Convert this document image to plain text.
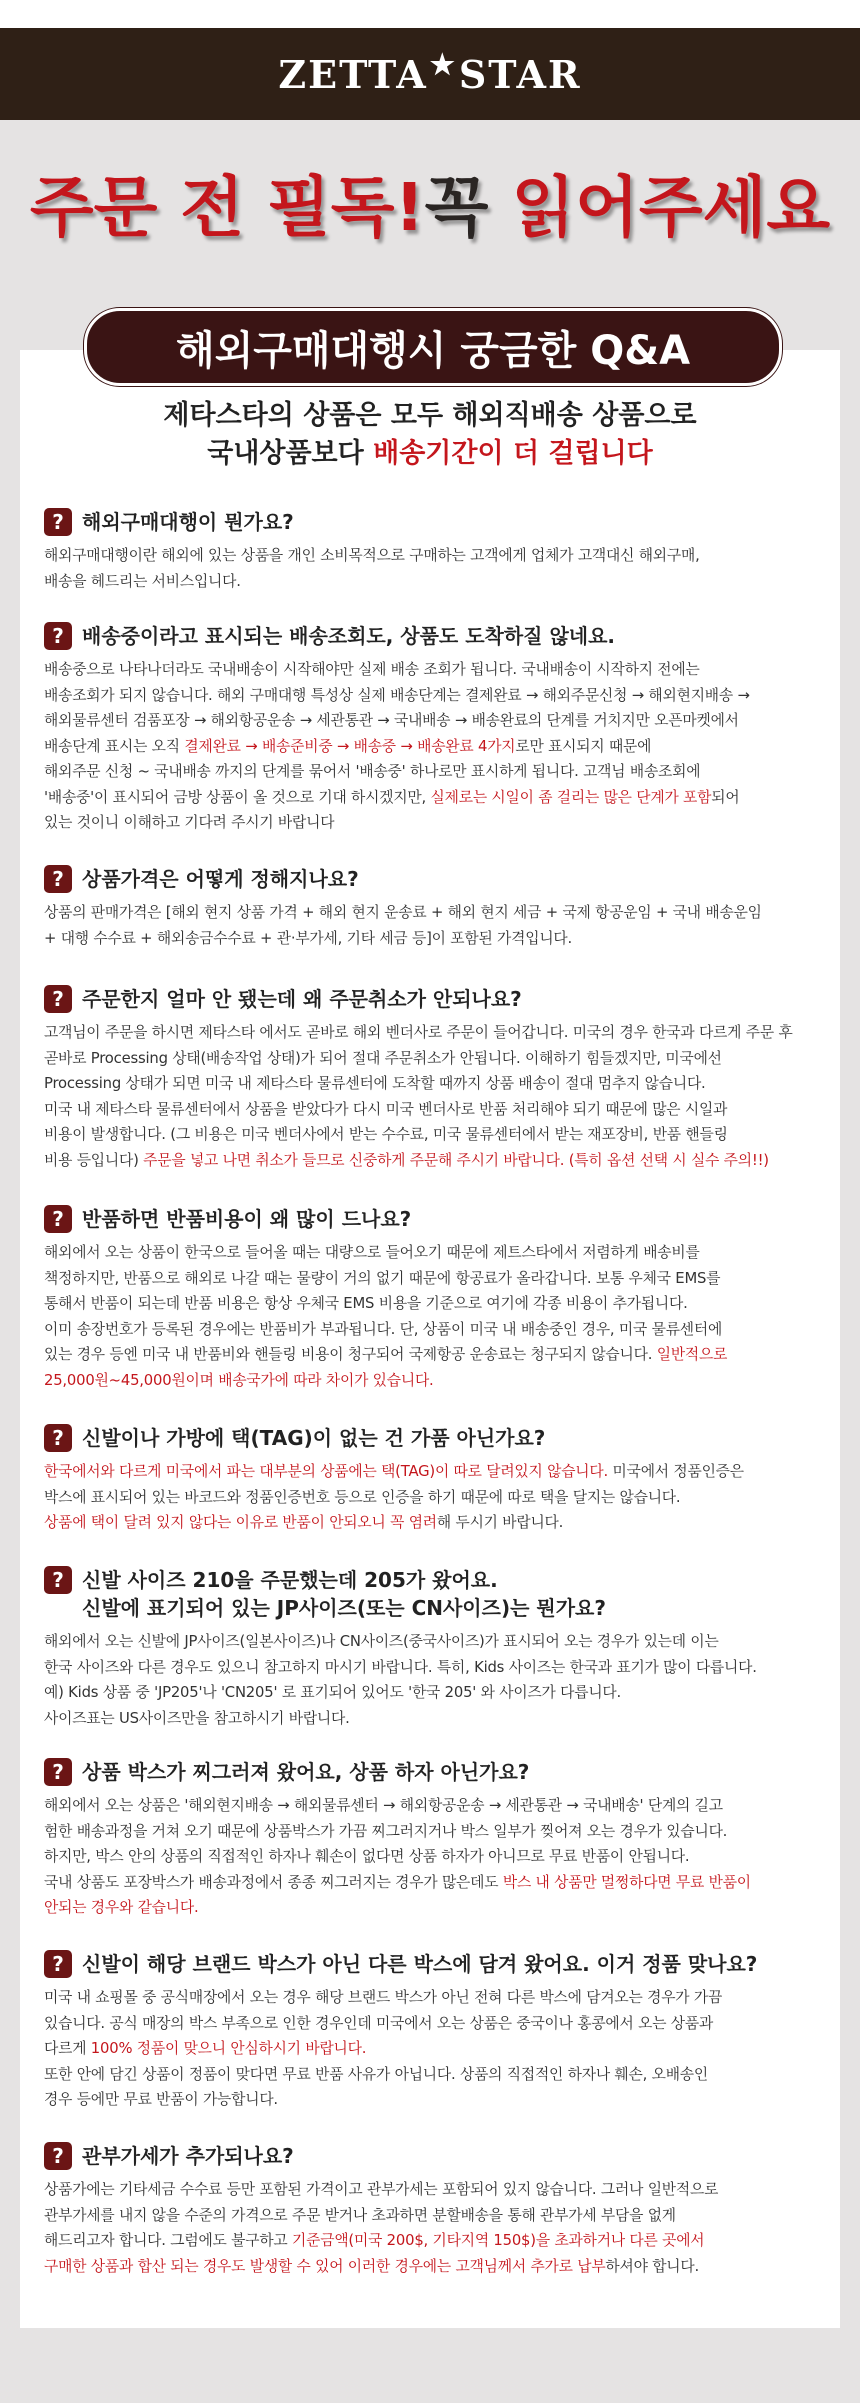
ZETTA ★ STAR
주문 전 필독!꼭 읽어주세요
해외구매대행시 궁금한 Q&A
제타스타의 상품은 모두 해외직배송 상품으로
국내상품보다 배송기간이 더 걸립니다
? 해외구매대행이 뭔가요?
해외구매대행이란 해외에 있는 상품을 개인 소비목적으로 구매하는 고객에게 업체가 고객대신 해외구매,
배송을 헤드리는 서비스입니다.
? 배송중이라고 표시되는 배송조회도, 상품도 도착하질 않네요.
배송중으로 나타나더라도 국내배송이 시작해야만 실제 배송 조회가 됩니다. 국내배송이 시작하지 전에는
배송조회가 되지 않습니다. 해외 구매대행 특성상 실제 배송단계는 결제완료 → 해외주문신청 → 해외현지배송 →
해외물류센터 검품포장 → 해외항공운송 → 세관통관 → 국내배송 → 배송완료의 단계를 거치지만 오픈마켓에서
배송단계 표시는 오직 결제완료 → 배송준비중 → 배송중 → 배송완료 4가지로만 표시되지 때문에
해외주문 신청 ~ 국내배송 까지의 단계를 묶어서 '배송중' 하나로만 표시하게 됩니다. 고객님 배송조회에
'배송중'이 표시되어 금방 상품이 올 것으로 기대 하시겠지만, 실제로는 시일이 좀 걸리는 많은 단계가 포함되어
있는 것이니 이해하고 기다려 주시기 바랍니다
? 상품가격은 어떻게 정해지나요?
상품의 판매가격은 [해외 현지 상품 가격 + 해외 현지 운송료 + 해외 현지 세금 + 국제 항공운임 + 국내 배송운임
+ 대행 수수료 + 해외송금수수료 + 관·부가세, 기타 세금 등]이 포함된 가격입니다.
? 주문한지 얼마 안 됐는데 왜 주문취소가 안되나요?
고객님이 주문을 하시면 제타스타 에서도 곧바로 해외 벤더사로 주문이 들어갑니다. 미국의 경우 한국과 다르게 주문 후
곧바로 Processing 상태(배송작업 상태)가 되어 절대 주문취소가 안됩니다. 이해하기 힘들겠지만, 미국에선
Processing 상태가 되면 미국 내 제타스타 물류센터에 도착할 때까지 상품 배송이 절대 멈추지 않습니다.
미국 내 제타스타 물류센터에서 상품을 받았다가 다시 미국 벤더사로 반품 처리해야 되기 때문에 많은 시일과
비용이 발생합니다. (그 비용은 미국 벤더사에서 받는 수수료, 미국 물류센터에서 받는 재포장비, 반품 핸들링
비용 등입니다) 주문을 넣고 나면 취소가 들므로 신중하게 주문해 주시기 바랍니다. (특히 옵션 선택 시 실수 주의!!)
? 반품하면 반품비용이 왜 많이 드나요?
해외에서 오는 상품이 한국으로 들어올 때는 대량으로 들어오기 때문에 제트스타에서 저렴하게 배송비를
책정하지만, 반품으로 해외로 나갈 때는 물량이 거의 없기 때문에 항공료가 올라갑니다. 보통 우체국 EMS를
통해서 반품이 되는데 반품 비용은 항상 우체국 EMS 비용을 기준으로 여기에 각종 비용이 추가됩니다.
이미 송장번호가 등록된 경우에는 반품비가 부과됩니다. 단, 상품이 미국 내 배송중인 경우, 미국 물류센터에
있는 경우 등엔 미국 내 반품비와 핸들링 비용이 청구되어 국제항공 운송료는 청구되지 않습니다. 일반적으로
25,000원~45,000원이며 배송국가에 따라 차이가 있습니다.
? 신발이나 가방에 택(TAG)이 없는 건 가품 아닌가요?
한국에서와 다르게 미국에서 파는 대부분의 상품에는 택(TAG)이 따로 달려있지 않습니다. 미국에서 정품인증은
박스에 표시되어 있는 바코드와 정품인증번호 등으로 인증을 하기 때문에 따로 택을 달지는 않습니다.
상품에 택이 달려 있지 않다는 이유로 반품이 안되오니 꼭 염려해 두시기 바랍니다.
? 신발 사이즈 210을 주문했는데 205가 왔어요.
신발에 표기되어 있는 JP사이즈(또는 CN사이즈)는 뭔가요?
해외에서 오는 신발에 JP사이즈(일본사이즈)나 CN사이즈(중국사이즈)가 표시되어 오는 경우가 있는데 이는
한국 사이즈와 다른 경우도 있으니 참고하지 마시기 바랍니다. 특히, Kids 사이즈는 한국과 표기가 많이 다릅니다.
예) Kids 상품 중 'JP205'나 'CN205' 로 표기되어 있어도 '한국 205' 와 사이즈가 다릅니다.
사이즈표는 US사이즈만을 참고하시기 바랍니다.
? 상품 박스가 찌그러져 왔어요, 상품 하자 아닌가요?
해외에서 오는 상품은 '해외현지배송 → 해외물류센터 → 해외항공운송 → 세관통관 → 국내배송' 단계의 길고
험한 배송과정을 거쳐 오기 때문에 상품박스가 가끔 찌그러지거나 박스 일부가 찢어져 오는 경우가 있습니다.
하지만, 박스 안의 상품의 직접적인 하자나 훼손이 없다면 상품 하자가 아니므로 무료 반품이 안됩니다.
국내 상품도 포장박스가 배송과정에서 종종 찌그러지는 경우가 많은데도 박스 내 상품만 멀쩡하다면 무료 반품이
안되는 경우와 같습니다.
? 신발이 해당 브랜드 박스가 아닌 다른 박스에 담겨 왔어요. 이거 정품 맞나요?
미국 내 쇼핑몰 중 공식매장에서 오는 경우 해당 브랜드 박스가 아닌 전혀 다른 박스에 담겨오는 경우가 가끔
있습니다. 공식 매장의 박스 부족으로 인한 경우인데 미국에서 오는 상품은 중국이나 홍콩에서 오는 상품과
다르게 100% 정품이 맞으니 안심하시기 바랍니다.
또한 안에 담긴 상품이 정품이 맞다면 무료 반품 사유가 아닙니다. 상품의 직접적인 하자나 훼손, 오배송인
경우 등에만 무료 반품이 가능합니다.
? 관부가세가 추가되나요?
상품가에는 기타세금 수수료 등만 포함된 가격이고 관부가세는 포함되어 있지 않습니다. 그러나 일반적으로
관부가세를 내지 않을 수준의 가격으로 주문 받거나 초과하면 분할배송을 통해 관부가세 부담을 없게
해드리고자 합니다. 그럼에도 불구하고 기준금액(미국 200$, 기타지역 150$)을 초과하거나 다른 곳에서
구매한 상품과 합산 되는 경우도 발생할 수 있어 이러한 경우에는 고객님께서 추가로 납부하셔야 합니다.
